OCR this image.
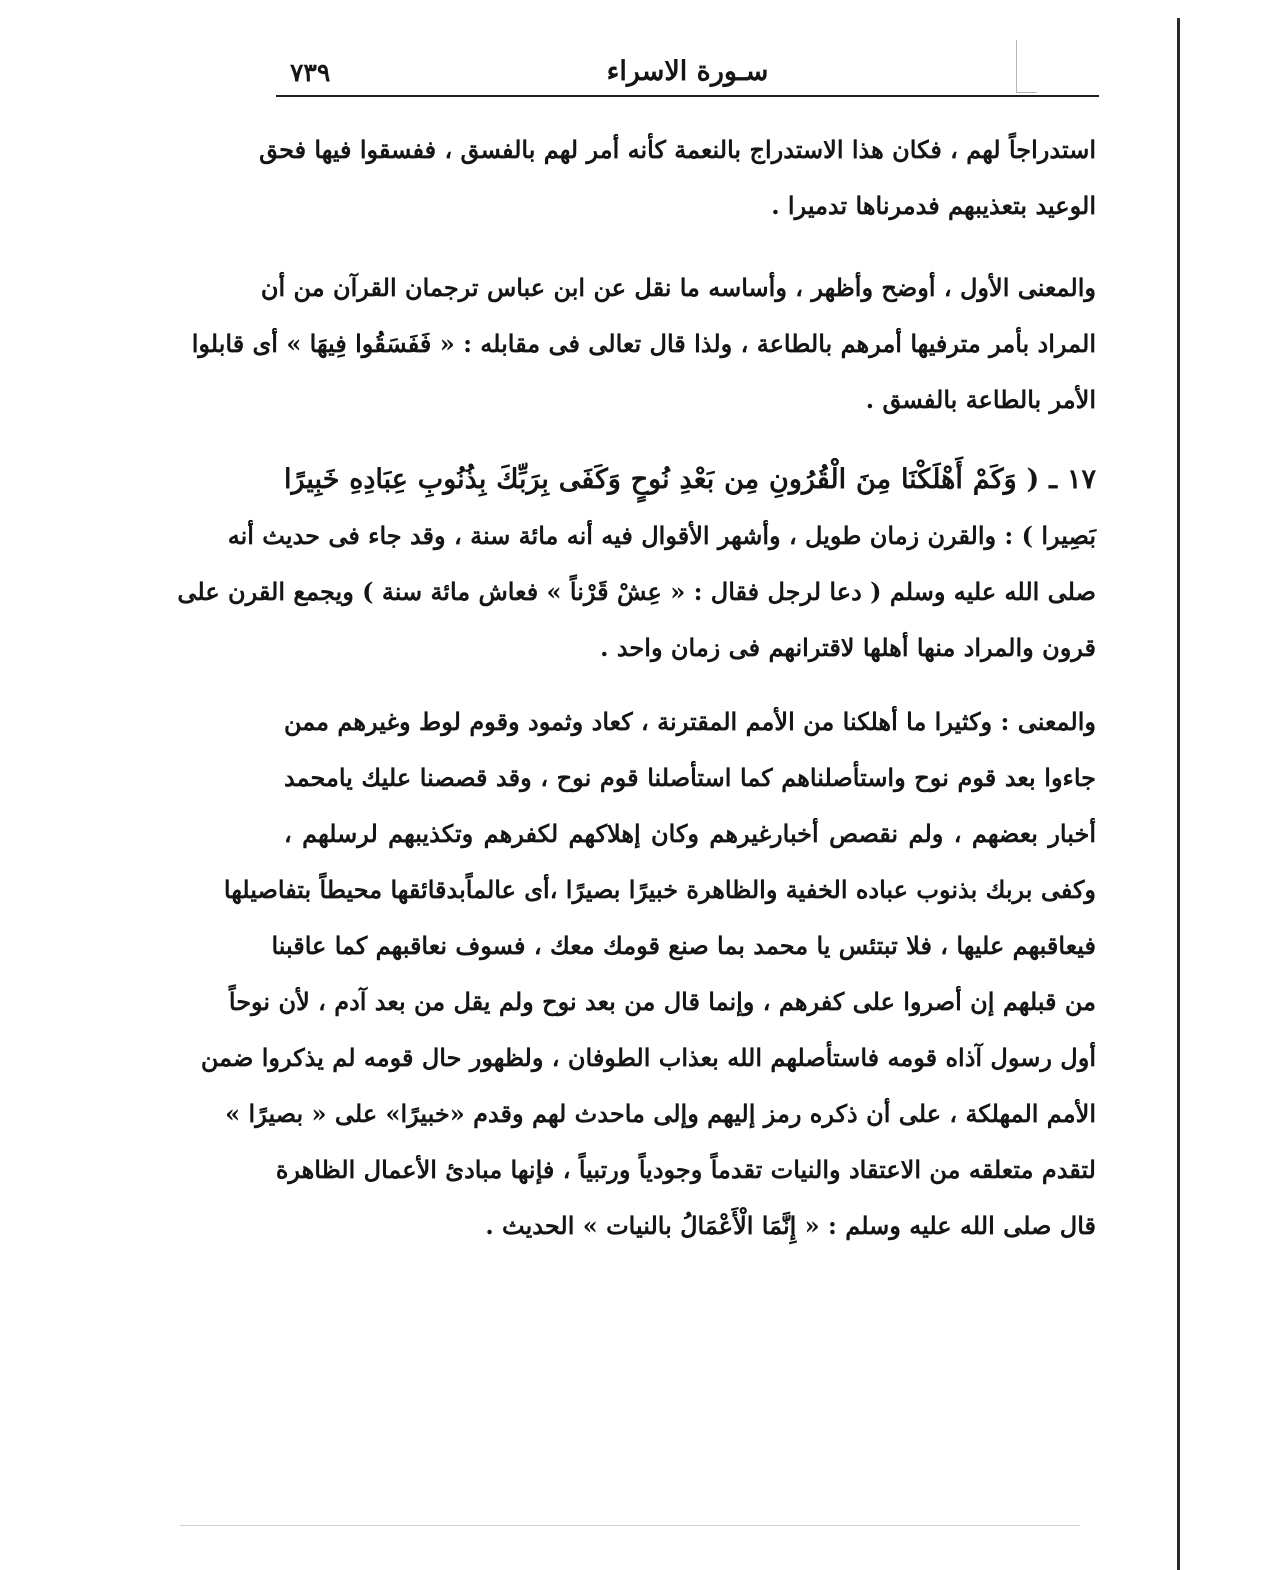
٧٣٩	سـورة الاسراء
استدراجاً لهم ، فكان هذا الاستدراج بالنعمة كأنه أمر لهم بالفسق ، ففسقوا فيها فحق
الوعيد بتعذيبهم فدمرناها تدميرا .
والمعنى الأول ، أوضح وأظهر ، وأساسه ما نقل عن ابن عباس ترجمان القرآن من أن
المراد بأمر مترفيها أمرهم بالطاعة ، ولذا قال تعالى فى مقابله : « فَفَسَقُوا فِيهَا » أى قابلوا
الأمر بالطاعة بالفسق .
١٧ ـ ( وَكَمْ أَهْلَكْنَا مِنَ الْقُرُونِ مِن بَعْدِ نُوحٍ وَكَفَى بِرَبِّكَ بِذُنُوبِ عِبَادِهِ خَبِيرًا
بَصِيرا ) : والقرن زمان طويل ، وأشهر الأقوال فيه أنه مائة سنة ، وقد جاء فى حديث أنه
صلى الله عليه وسلم ( دعا لرجل فقال : « عِشْ قَرْناً » فعاش مائة سنة ) ويجمع القرن على
قرون والمراد منها أهلها لاقترانهم فى زمان واحد .
والمعنى : وكثيرا ما أهلكنا من الأمم المقترنة ، كعاد وثمود وقوم لوط وغيرهم ممن
جاءوا بعد قوم نوح واستأصلناهم كما استأصلنا قوم نوح ، وقد قصصنا عليك يامحمد
أخبار بعضهم ، ولم نقصص أخبارغيرهم وكان إهلاكهم لكفرهم وتكذيبهم لرسلهم ،
وكفى بربك بذنوب عباده الخفية والظاهرة خبيرًا بصيرًا ،أى عالماًبدقائقها محيطاً بتفاصيلها
فيعاقبهم عليها ، فلا تبتئس يا محمد بما صنع قومك معك ، فسوف نعاقبهم كما عاقبنا
من قبلهم إن أصروا على كفرهم ، وإنما قال من بعد نوح ولم يقل من بعد آدم ، لأن نوحاً
أول رسول آذاه قومه فاستأصلهم الله بعذاب الطوفان ، ولظهور حال قومه لم يذكروا ضمن
الأمم المهلكة ، على أن ذكره رمز إليهم وإلى ماحدث لهم وقدم «خبيرًا» على « بصيرًا »
لتقدم متعلقه من الاعتقاد والنيات تقدماً وجودياً ورتبياً ، فإنها مبادئ الأعمال الظاهرة
قال صلى الله عليه وسلم : « إِنَّمَا الْأَعْمَالُ بالنيات » الحديث .
